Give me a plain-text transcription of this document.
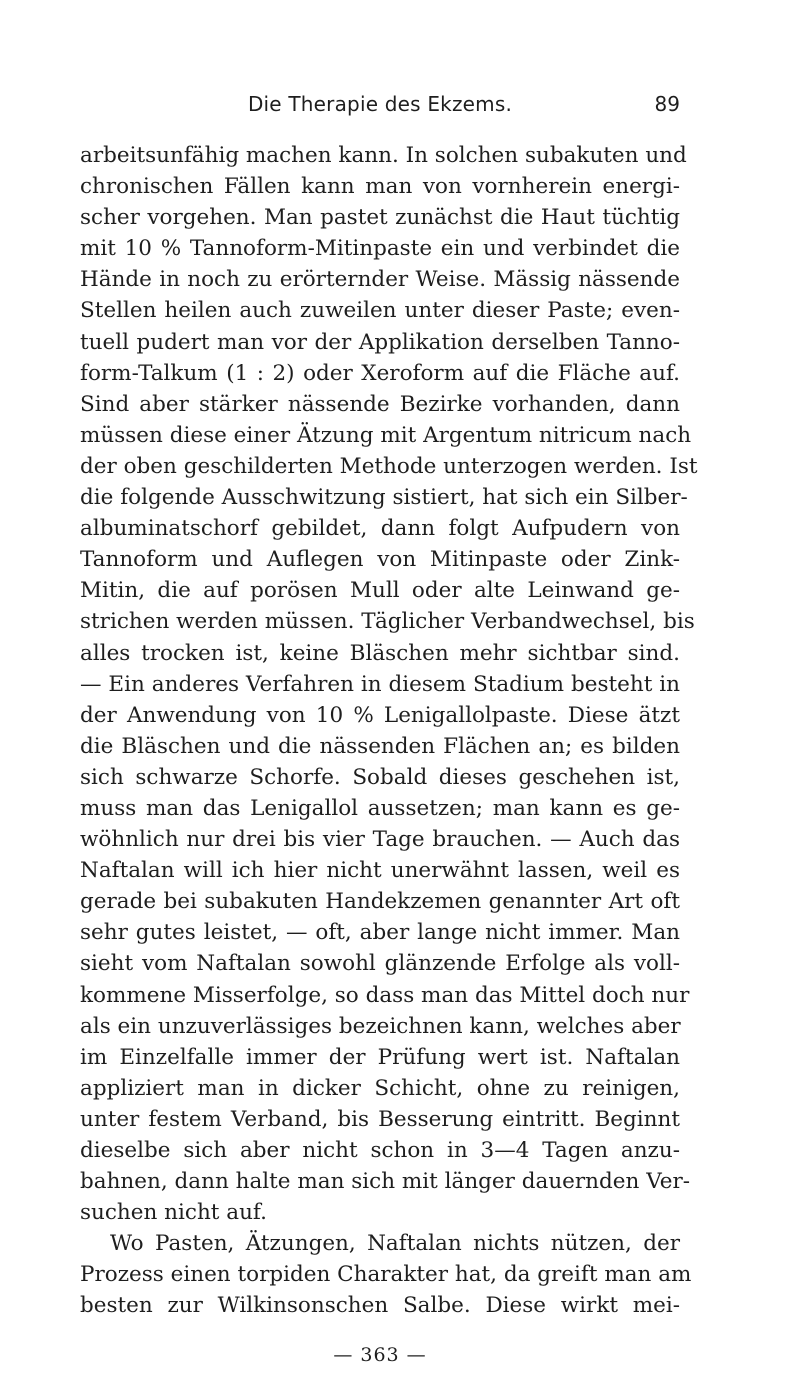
Die Therapie des Ekzems.	89
arbeitsunfähig machen kann. In solchen subakuten und
chronischen Fällen kann man von vornherein energi-
scher vorgehen. Man pastet zunächst die Haut tüchtig
mit 10 % Tannoform-Mitinpaste ein und verbindet die
Hände in noch zu erörternder Weise. Mässig nässende
Stellen heilen auch zuweilen unter dieser Paste; even-
tuell pudert man vor der Applikation derselben Tanno-
form-Talkum (1 : 2) oder Xeroform auf die Fläche auf.
Sind aber stärker nässende Bezirke vorhanden, dann
müssen diese einer Ätzung mit Argentum nitricum nach
der oben geschilderten Methode unterzogen werden. Ist
die folgende Ausschwitzung sistiert, hat sich ein Silber-
albuminatschorf gebildet, dann folgt Aufpudern von
Tannoform und Auflegen von Mitinpaste oder Zink-
Mitin, die auf porösen Mull oder alte Leinwand ge-
strichen werden müssen. Täglicher Verbandwechsel, bis
alles trocken ist, keine Bläschen mehr sichtbar sind.
— Ein anderes Verfahren in diesem Stadium besteht in
der Anwendung von 10 % Lenigallolpaste. Diese ätzt
die Bläschen und die nässenden Flächen an; es bilden
sich schwarze Schorfe. Sobald dieses geschehen ist,
muss man das Lenigallol aussetzen; man kann es ge-
wöhnlich nur drei bis vier Tage brauchen. — Auch das
Naftalan will ich hier nicht unerwähnt lassen, weil es
gerade bei subakuten Handekzemen genannter Art oft
sehr gutes leistet, — oft, aber lange nicht immer. Man
sieht vom Naftalan sowohl glänzende Erfolge als voll-
kommene Misserfolge, so dass man das Mittel doch nur
als ein unzuverlässiges bezeichnen kann, welches aber
im Einzelfalle immer der Prüfung wert ist. Naftalan
appliziert man in dicker Schicht, ohne zu reinigen,
unter festem Verband, bis Besserung eintritt. Beginnt
dieselbe sich aber nicht schon in 3—4 Tagen anzu-
bahnen, dann halte man sich mit länger dauernden Ver-
suchen nicht auf.
Wo Pasten, Ätzungen, Naftalan nichts nützen, der
Prozess einen torpiden Charakter hat, da greift man am
besten zur Wilkinsonschen Salbe. Diese wirkt mei-
— 363 —
